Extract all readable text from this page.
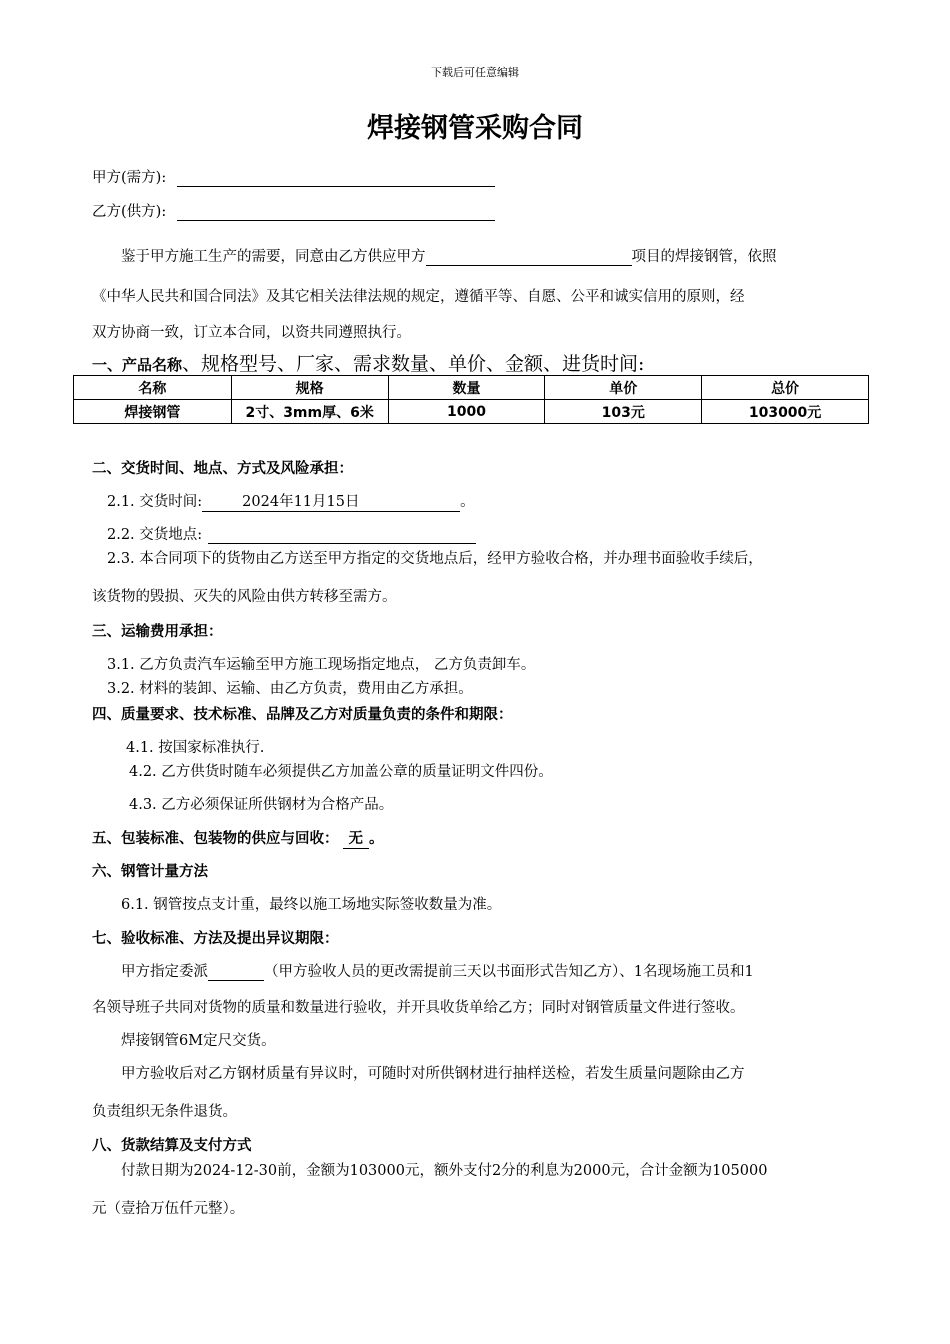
下载后可任意编辑
焊接钢管采购合同
甲方(需方):
乙方(供方):
鉴于甲方施工生产的需要，同意由乙方供应甲方	项目的焊接钢管，依照
《中华人民共和国合同法》及其它相关法律法规的规定，遵循平等、自愿、公平和诚实信用的原则，经
双方协商一致，订立本合同，以资共同遵照执行。
一、产品名称、规格型号、厂家、需求数量、单价、金额、进货时间:
名称	规格	数量	单价	总价
焊接钢管	2寸、3mm厚、6米	1000	103元	103000元
二、交货时间、地点、方式及风险承担：
2.1. 交货时间:	2024年11月15日	。
2.2. 交货地点:
2.3. 本合同项下的货物由乙方送至甲方指定的交货地点后，经甲方验收合格，并办理书面验收手续后，
该货物的毁损、灭失的风险由供方转移至需方。
三、运输费用承担：
3.1. 乙方负责汽车运输至甲方施工现场指定地点， 乙方负责卸车。
3.2. 材料的装卸、运输、由乙方负责，费用由乙方承担。
四、质量要求、技术标准、品牌及乙方对质量负责的条件和期限：
4.1. 按国家标准执行.
4.2. 乙方供货时随车必须提供乙方加盖公章的质量证明文件四份。
4.3. 乙方必须保证所供钢材为合格产品。
五、包装标准、包装物的供应与回收： 无 。
六、钢管计量方法
6.1. 钢管按点支计重，最终以施工场地实际签收数量为准。
七、验收标准、方法及提出异议期限：
甲方指定委派	（甲方验收人员的更改需提前三天以书面形式告知乙方）、1名现场施工员和1
名领导班子共同对货物的质量和数量进行验收，并开具收货单给乙方；同时对钢管质量文件进行签收。
焊接钢管6M定尺交货。
甲方验收后对乙方钢材质量有异议时，可随时对所供钢材进行抽样送检，若发生质量问题除由乙方
负责组织无条件退货。
八、货款结算及支付方式
付款日期为2024-12-30前，金额为103000元，额外支付2分的利息为2000元，合计金额为105000
元（壹拾万伍仟元整）。
